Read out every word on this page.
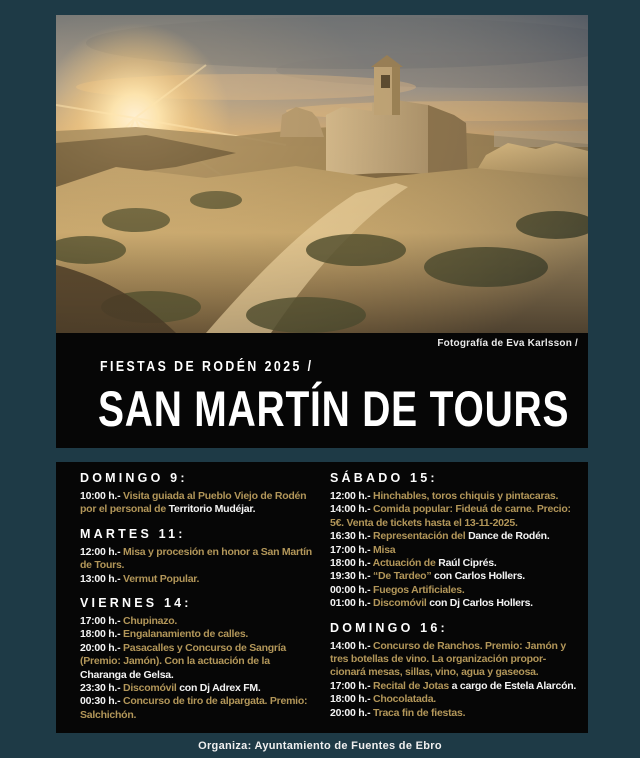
Fotografía de Eva Karlsson /
FIESTAS DE RODÉN 2025 /
SAN MARTÍN DE TOURS
DOMINGO 9:

10:00 h.- Visita guiada al Pueblo Viejo de Rodén por el personal de Territorio Mudéjar.

MARTES 11:

12:00 h.- Misa y procesión en honor a San Martín de Tours.

13:00 h.- Vermut Popular.

VIERNES 14:

17:00 h.- Chupinazo.

18:00 h.- Engalanamiento de calles.

20:00 h.- Pasacalles y Concurso de Sangría (Premio: Jamón). Con la actuación de la Charanga de Gelsa.

23:30 h.- Discomóvil con Dj Adrex FM.

00:30 h.- Concurso de tiro de alpargata. Premio: Salchichón.

SÁBADO 15:

12:00 h.- Hinchables, toros chiquis y pintacaras.

14:00 h.- Comida popular: Fideuá de carne. Precio: 5€. Venta de tickets hasta el 13-11-2025.

16:30 h.- Representación del Dance de Rodén.

17:00 h.- Misa

18:00 h.- Actuación de Raúl Ciprés.

19:30 h.- “De Tardeo” con Carlos Hollers.

00:00 h.- Fuegos Artificiales.

01:00 h.- Discomóvil con Dj Carlos Hollers.

DOMINGO 16:

14:00 h.- Concurso de Ranchos. Premio: Jamón y tres botellas de vino. La organización propor- cionará mesas, sillas, vino, agua y gaseosa.

17:00 h.- Recital de Jotas a cargo de Estela Alarcón.

18:00 h.- Chocolatada.

20:00 h.- Traca fin de fiestas.

Organiza: Ayuntamiento de Fuentes de Ebro
